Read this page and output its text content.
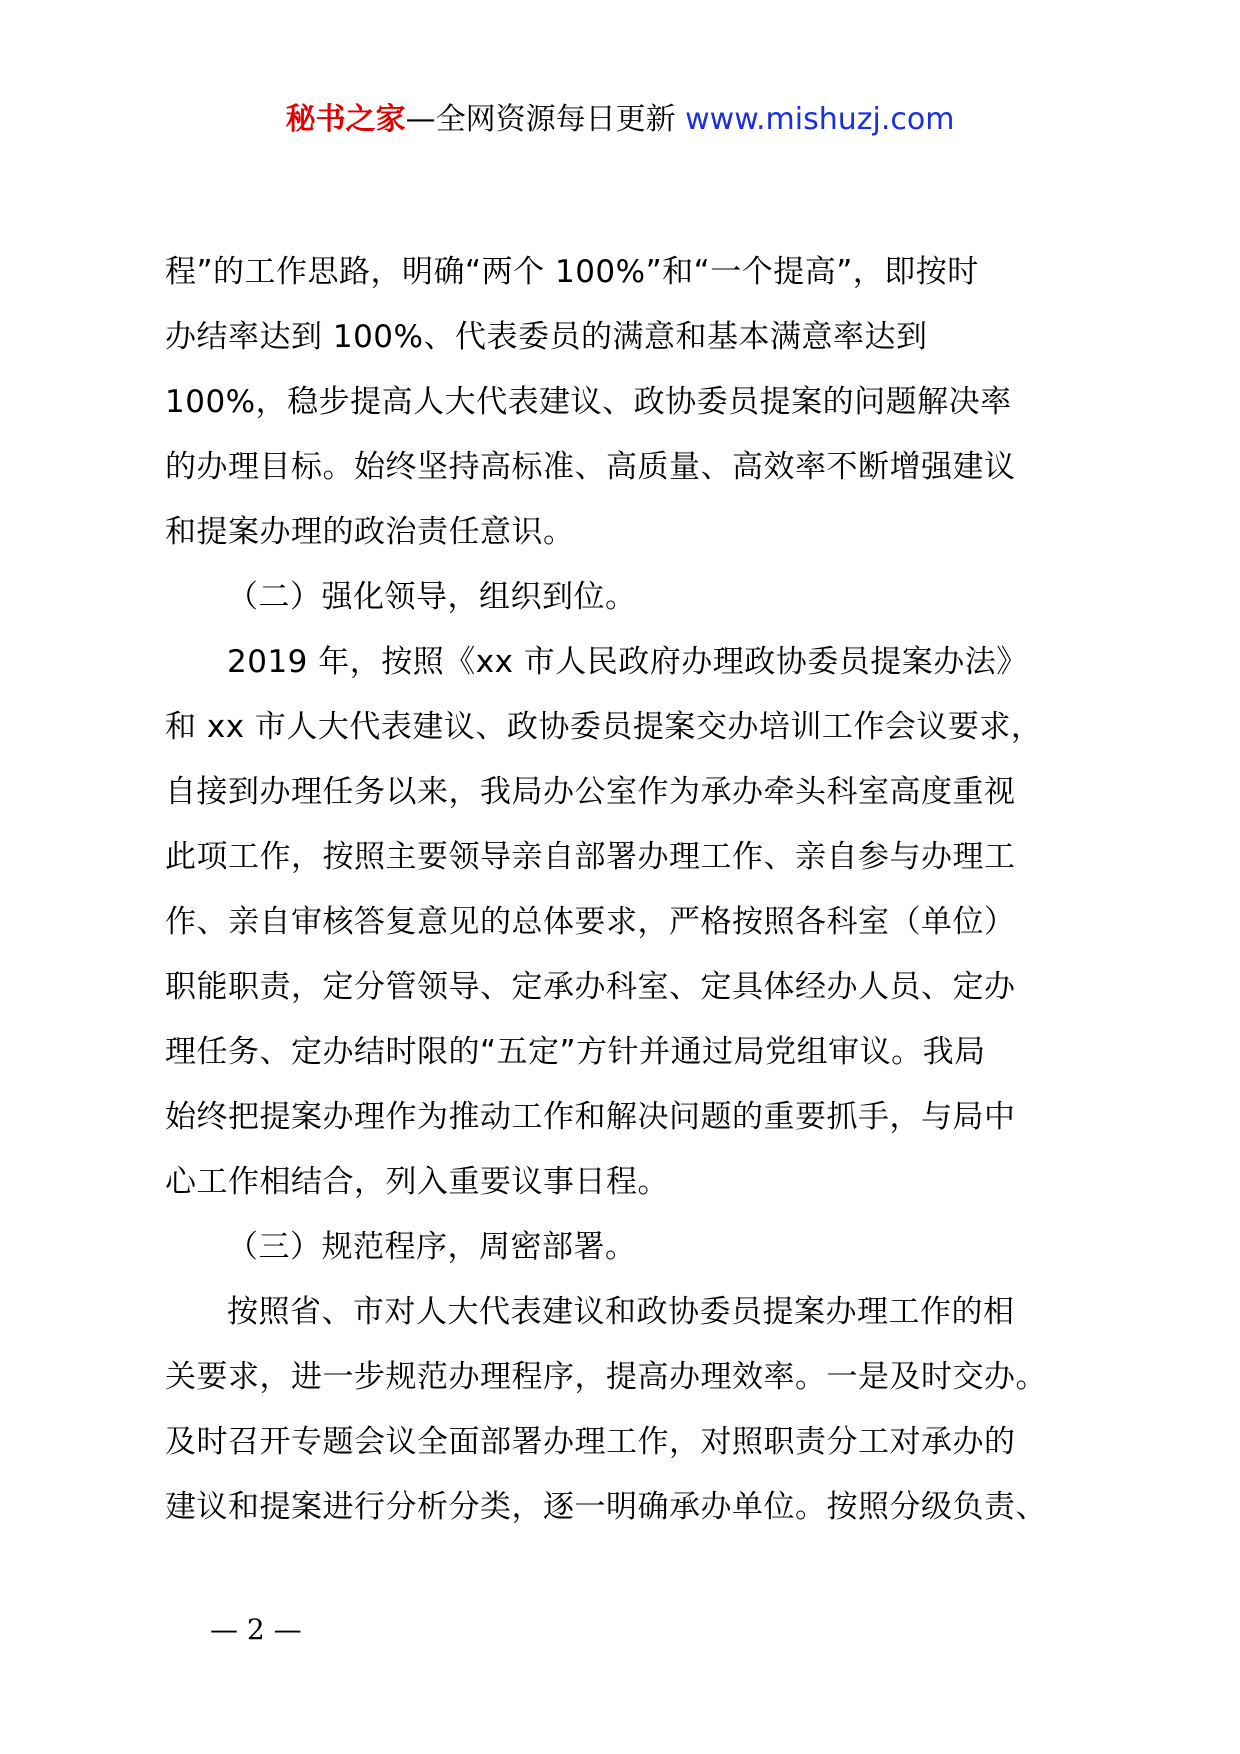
秘书之家—全网资源每日更新 www.mishuzj.com

程”的工作思路，明确“两个 100%”和“一个提高”，即按时
办结率达到 100%、代表委员的满意和基本满意率达到
100%，稳步提高人大代表建议、政协委员提案的问题解决率
的办理目标。始终坚持高标准、高质量、高效率不断增强建议
和提案办理的政治责任意识。

（二）强化领导，组织到位。

2019 年，按照《xx 市人民政府办理政协委员提案办法》
和 xx 市人大代表建议、政协委员提案交办培训工作会议要求，
自接到办理任务以来，我局办公室作为承办牵头科室高度重视
此项工作，按照主要领导亲自部署办理工作、亲自参与办理工
作、亲自审核答复意见的总体要求，严格按照各科室（单位）
职能职责，定分管领导、定承办科室、定具体经办人员、定办
理任务、定办结时限的“五定”方针并通过局党组审议。我局
始终把提案办理作为推动工作和解决问题的重要抓手，与局中
心工作相结合，列入重要议事日程。

（三）规范程序，周密部署。

按照省、市对人大代表建议和政协委员提案办理工作的相
关要求，进一步规范办理程序，提高办理效率。一是及时交办。
及时召开专题会议全面部署办理工作，对照职责分工对承办的
建议和提案进行分析分类，逐一明确承办单位。按照分级负责、

— 2 —
